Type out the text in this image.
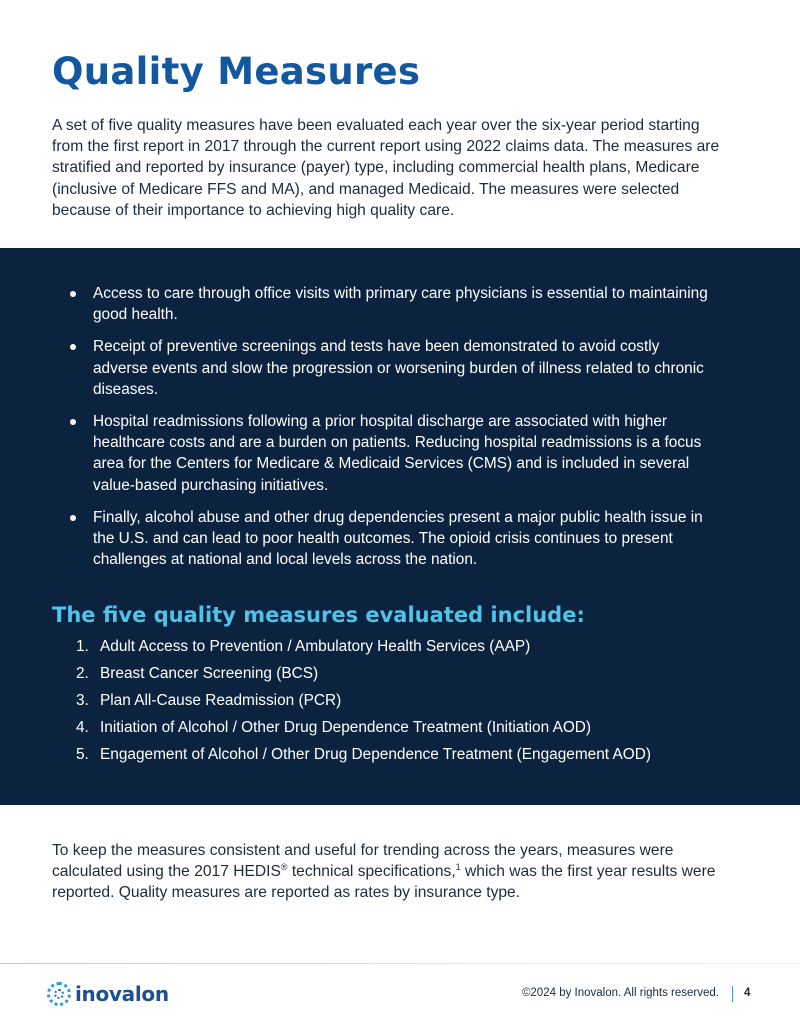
Quality Measures

A set of five quality measures have been evaluated each year over the six-year period starting from the first report in 2017 through the current report using 2022 claims data. The measures are stratified and reported by insurance (payer) type, including commercial health plans, Medicare (inclusive of Medicare FFS and MA), and managed Medicaid. The measures were selected because of their importance to achieving high quality care.

Access to care through office visits with primary care physicians is essential to maintaining good health.
Receipt of preventive screenings and tests have been demonstrated to avoid costly adverse events and slow the progression or worsening burden of illness related to chronic diseases.
Hospital readmissions following a prior hospital discharge are associated with higher healthcare costs and are a burden on patients. Reducing hospital readmissions is a focus area for the Centers for Medicare & Medicaid Services (CMS) and is included in several value-based purchasing initiatives.
Finally, alcohol abuse and other drug dependencies present a major public health issue in the U.S. and can lead to poor health outcomes. The opioid crisis continues to present challenges at national and local levels across the nation.
The five quality measures evaluated include:
1. Adult Access to Prevention / Ambulatory Health Services (AAP)
2. Breast Cancer Screening (BCS)
3. Plan All-Cause Readmission (PCR)
4. Initiation of Alcohol / Other Drug Dependence Treatment (Initiation AOD)
5. Engagement of Alcohol / Other Drug Dependence Treatment (Engagement AOD)

To keep the measures consistent and useful for trending across the years, measures were calculated using the 2017 HEDIS® technical specifications,$^1$ which was the first year results were reported. Quality measures are reported as rates by insurance type.

inovalon	©2024 by Inovalon. All rights reserved. 4
